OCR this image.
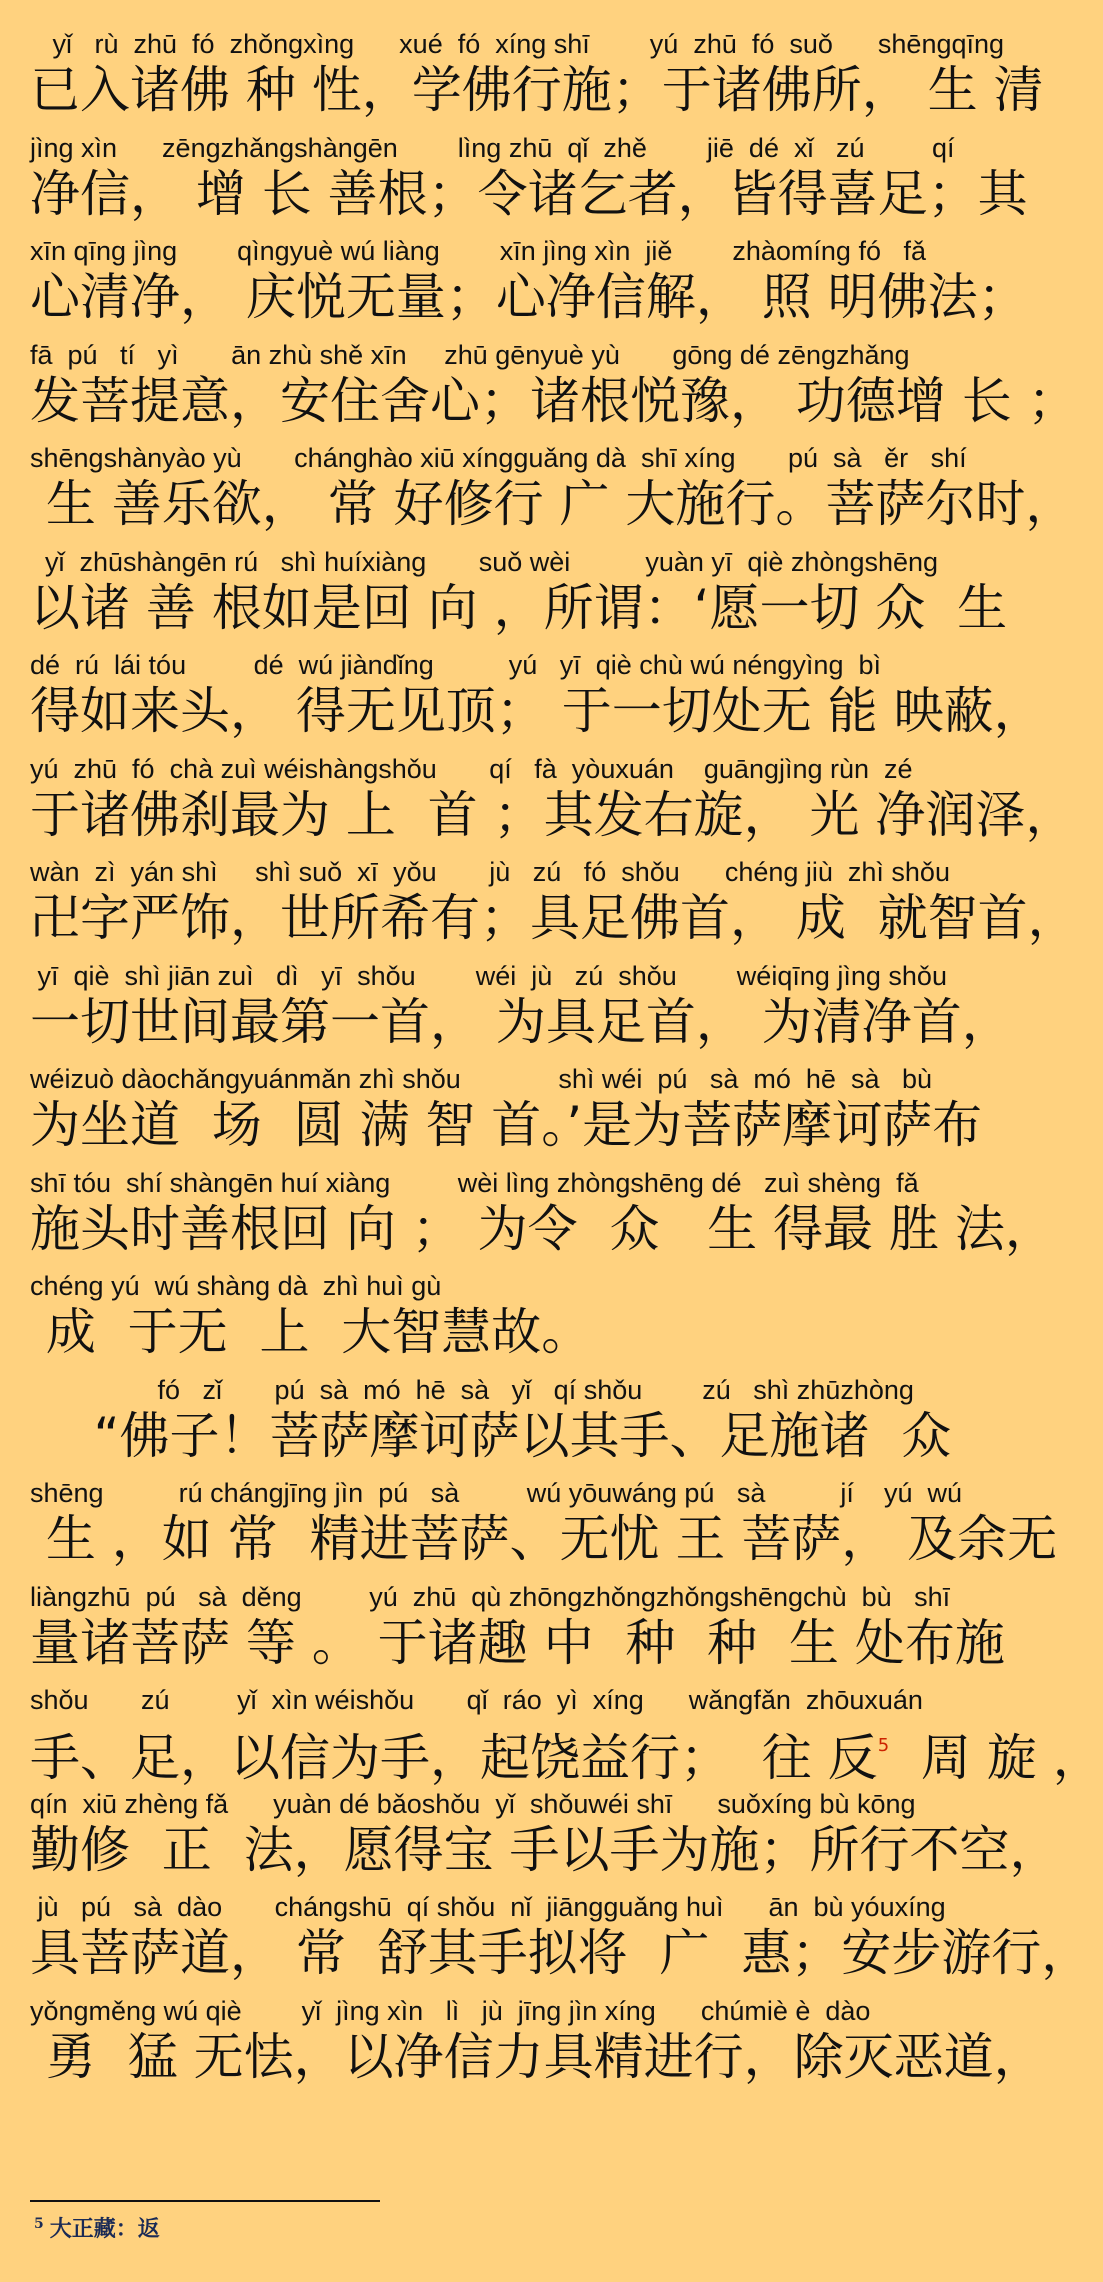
yǐ   rù  zhū  fó  zhǒngxìng      xué  fó  xíng shī        yú  zhū  fó  suǒ      shēngqīng
已入诸佛 种 性，学佛行施；于诸佛所， 生 清
jìng xìn      zēngzhǎngshàngēn        lìng zhū  qǐ  zhě        jiē  dé  xǐ   zú         qí
净信， 增 长 善根；令诸乞者，皆得喜足；其
xīn qīng jìng        qìngyuè wú liàng        xīn jìng xìn  jiě        zhàomíng fó   fǎ
心清净， 庆悦无量；心净信解， 照 明佛法；
fā  pú   tí   yì       ān zhù shě xīn     zhū gēnyuè yù       gōng dé zēngzhǎng
发菩提意，安住舍心；诸根悦豫， 功德增 长 ；
shēngshànyào yù       chánghào xiū xíngguǎng dà  shī xíng       pú  sà   ěr   shí
生 善乐欲， 常 好修行 广 大施行。菩萨尔时，
yǐ  zhūshàngēn rú   shì huíxiàng       suǒ wèi          yuàn yī  qiè zhòngshēng
以诸 善 根如是回 向 ，所谓：‘愿一切 众  生
dé  rú  lái tóu         dé  wú jiàndǐng          yú   yī  qiè chù wú néngyìng  bì
得如来头， 得无见顶； 于一切处无 能 映蔽，
yú  zhū  fó  chà zuì wéishàngshǒu       qí   fà  yòuxuán    guāngjìng rùn  zé
于诸佛刹最为 上  首 ；其发右旋， 光 净润泽，
wàn  zì  yán shì     shì suǒ  xī  yǒu       jù   zú   fó  shǒu      chéng jiù  zhì shǒu
卍字严饰，世所希有；具足佛首， 成  就智首，
yī  qiè  shì jiān zuì   dì   yī  shǒu        wéi  jù   zú  shǒu        wéiqīng jìng shǒu
一切世间最第一首， 为具足首， 为清净首，
wéizuò dàochǎngyuánmǎn zhì shǒu             shì wéi  pú   sà  mó  hē  sà   bù
为坐道  场  圆 满 智 首。’是为菩萨摩诃萨布
shī tóu  shí shàngēn huí xiàng         wèi lìng zhòngshēng dé   zuì shèng  fǎ
施头时善根回 向 ； 为令  众   生 得最 胜 法，
chéng yú  wú shàng dà  zhì huì gù
成  于无  上  大智慧故。
fó   zǐ       pú  sà  mó  hē  sà   yǐ   qí shǒu        zú   shì zhūzhòng
“佛子！菩萨摩诃萨以其手、足施诸  众
shēng          rú chángjīng jìn  pú   sà         wú yōuwáng pú   sà          jí    yú  wú
生 ，如 常  精进菩萨、无忧 王 菩萨， 及余无
liàngzhū  pú   sà  děng         yú  zhū  qù zhōngzhǒngzhǒngshēngchù  bù   shī
量诸菩萨 等 。 于诸趣 中  种  种  生 处布施
shǒu       zú         yǐ  xìn wéishǒu       qǐ  ráo  yì  xíng      wǎngfǎn  zhōuxuán
手、足，以信为手，起饶益行；  往 反$^5$  周 旋 ，
qín  xiū zhèng fǎ      yuàn dé bǎoshǒu  yǐ  shǒuwéi shī      suǒxíng bù kōng
勤修  正  法，愿得宝 手以手为施；所行不空，
jù   pú   sà  dào       chángshū  qí shǒu  nǐ  jiāngguǎng huì      ān  bù yóuxíng
具菩萨道， 常  舒其手拟将  广  惠；安步游行，
yǒngměng wú qiè        yǐ  jìng xìn   lì   jù  jīng jìn xíng      chúmiè è  dào
勇  猛 无怯，以净信力具精进行，除灭恶道，
$^5$ 大正藏：返
